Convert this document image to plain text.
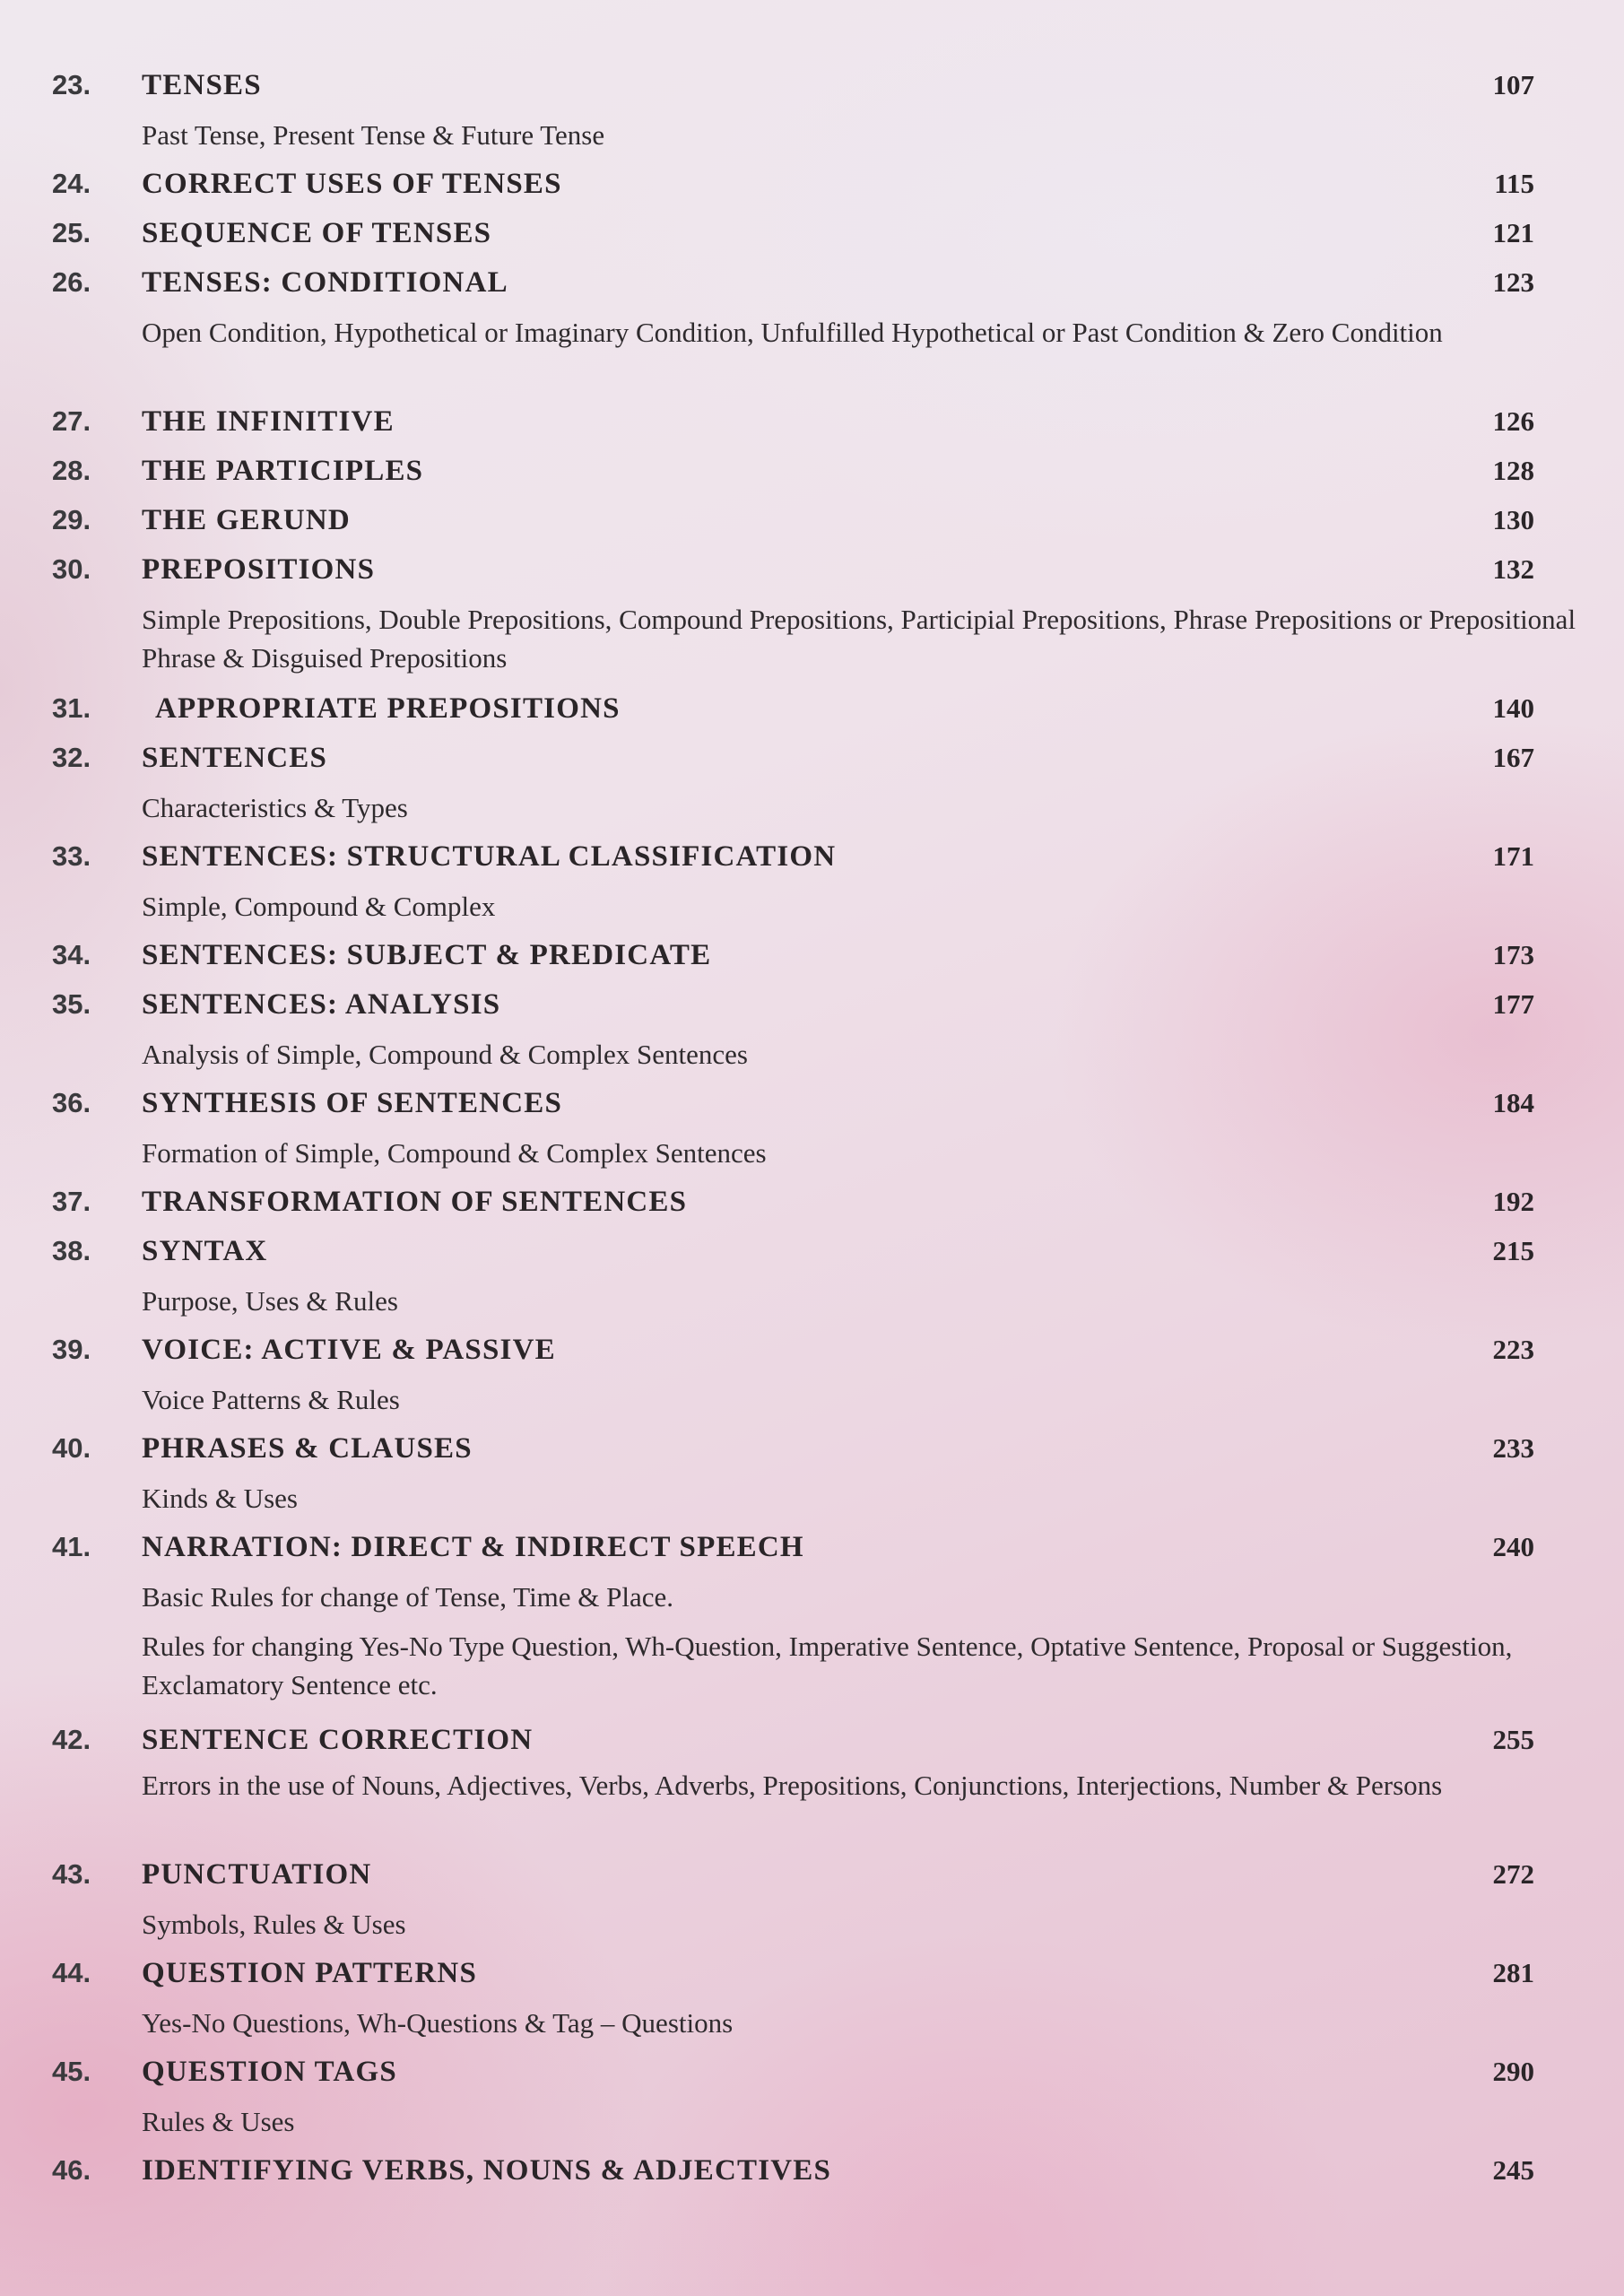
23. TENSES	107
Past Tense, Present Tense & Future Tense
24. CORRECT USES OF TENSES	115
25. SEQUENCE OF TENSES	121
26. TENSES: CONDITIONAL	123
Open Condition, Hypothetical or Imaginary Condition, Unfulfilled Hypothetical or Past Condition & Zero Condition
27. THE INFINITIVE	126
28. THE PARTICIPLES	128
29. THE GERUND	130
30. PREPOSITIONS	132
Simple Prepositions, Double Prepositions, Compound Prepositions, Participial Prepositions, Phrase Prepositions or Prepositional Phrase & Disguised Prepositions
31. APPROPRIATE PREPOSITIONS	140
32. SENTENCES	167
Characteristics & Types
33. SENTENCES: STRUCTURAL CLASSIFICATION	171
Simple, Compound & Complex
34. SENTENCES: SUBJECT & PREDICATE	173
35. SENTENCES: ANALYSIS	177
Analysis of Simple, Compound & Complex Sentences
36. SYNTHESIS OF SENTENCES	184
Formation of Simple, Compound & Complex Sentences
37. TRANSFORMATION OF SENTENCES	192
38. SYNTAX	215
Purpose, Uses & Rules
39. VOICE: ACTIVE & PASSIVE	223
Voice Patterns & Rules
40. PHRASES & CLAUSES	233
Kinds & Uses
41. NARRATION: DIRECT & INDIRECT SPEECH	240
Basic Rules for change of Tense, Time & Place.
Rules for changing Yes-No Type Question, Wh-Question, Imperative Sentence, Optative Sentence, Proposal or Suggestion, Exclamatory Sentence etc.
42. SENTENCE CORRECTION	255
Errors in the use of Nouns, Adjectives, Verbs, Adverbs, Prepositions, Conjunctions, Interjections, Number & Persons
43. PUNCTUATION	272
Symbols, Rules & Uses
44. QUESTION PATTERNS	281
Yes-No Questions, Wh-Questions & Tag – Questions
45. QUESTION TAGS	290
Rules & Uses
46. IDENTIFYING VERBS, NOUNS & ADJECTIVES	245
